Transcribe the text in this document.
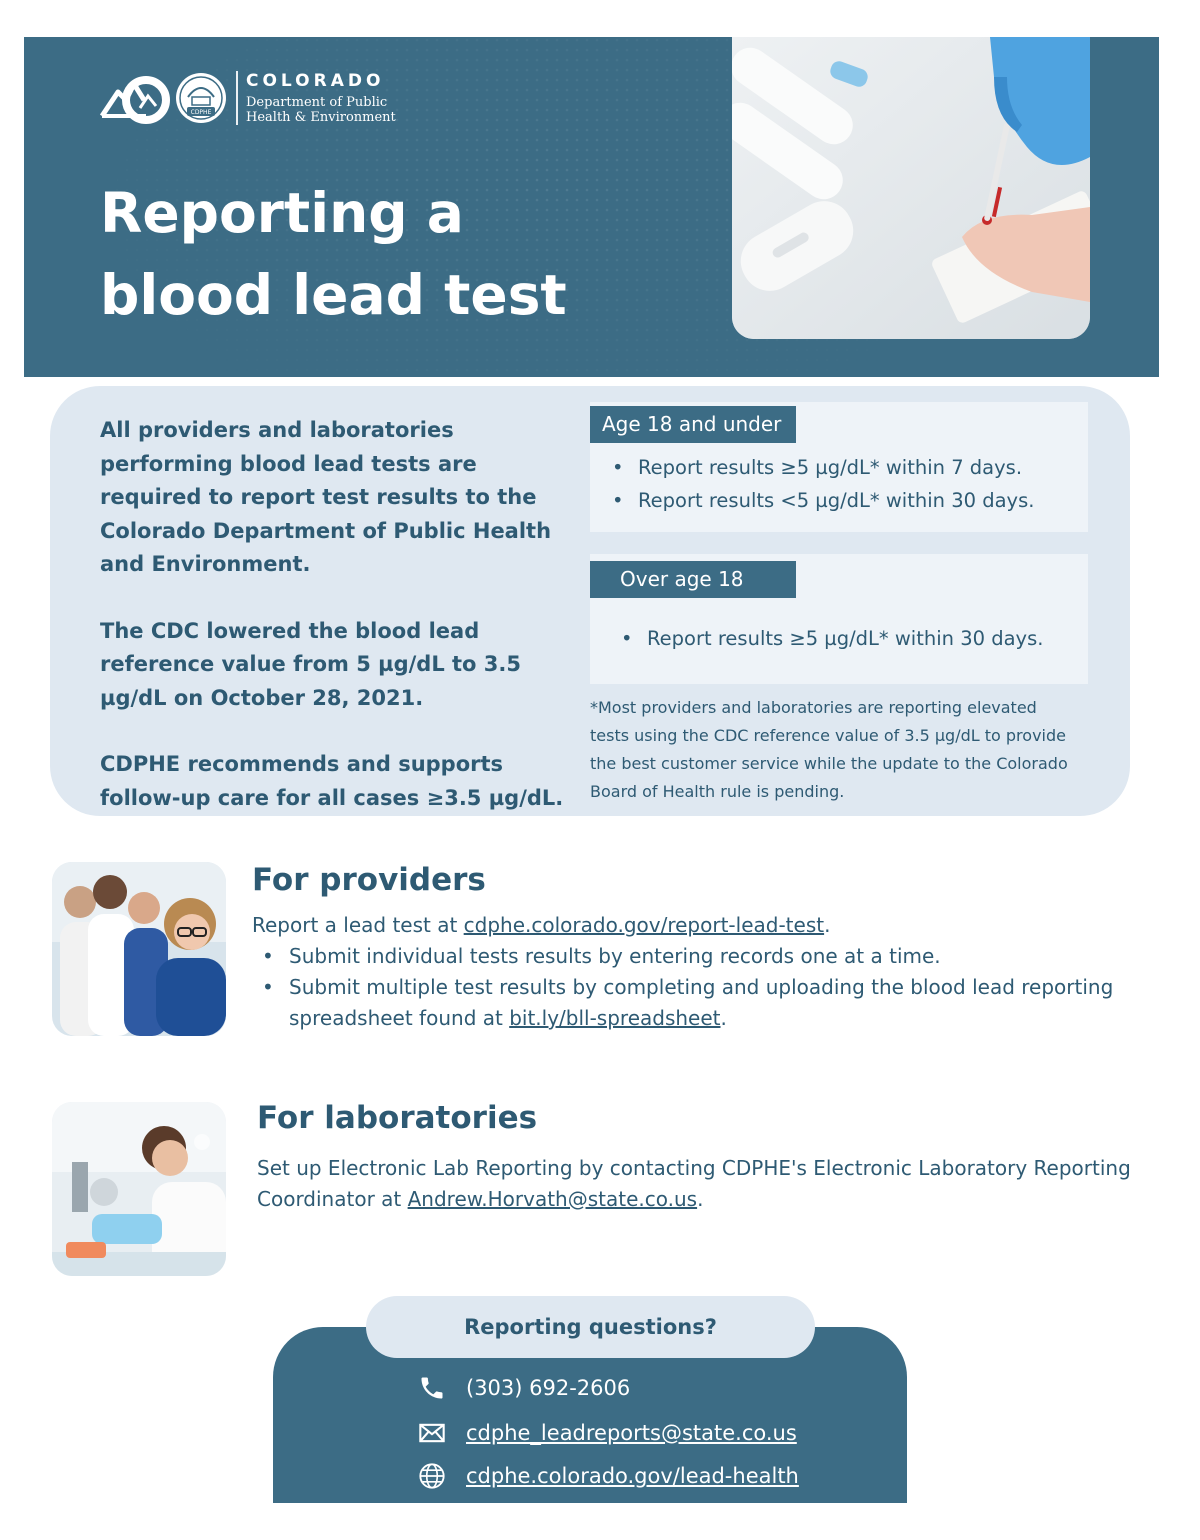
CDPHE
COLORADO
Department of Public
Health & Environment
Reporting a
blood lead test

All providers and laboratories performing blood lead tests are required to report test results to the Colorado Department of Public Health and Environment.

The CDC lowered the blood lead reference value from 5 µg/dL to 3.5 µg/dL on October 28, 2021.

CDPHE recommends and supports follow-up care for all cases ≥3.5 µg/dL.

Age 18 and under
• Report results ≥5 µg/dL* within 7 days.
• Report results <5 µg/dL* within 30 days.
Over age 18
• Report results ≥5 µg/dL* within 30 days.
*Most providers and laboratories are reporting elevated tests using the CDC reference value of 3.5 µg/dL to provide the best customer service while the update to the Colorado Board of Health rule is pending.
For providers
Report a lead test at cdphe.colorado.gov/report-lead-test.
• Submit individual tests results by entering records one at a time.
• Submit multiple test results by completing and uploading the blood lead reporting spreadsheet found at bit.ly/bll-spreadsheet.
For laboratories
Set up Electronic Lab Reporting by contacting CDPHE's Electronic Laboratory Reporting Coordinator at Andrew.Horvath@state.co.us.
Reporting questions?
(303) 692-2606
cdphe_leadreports@state.co.us
cdphe.colorado.gov/lead-health
